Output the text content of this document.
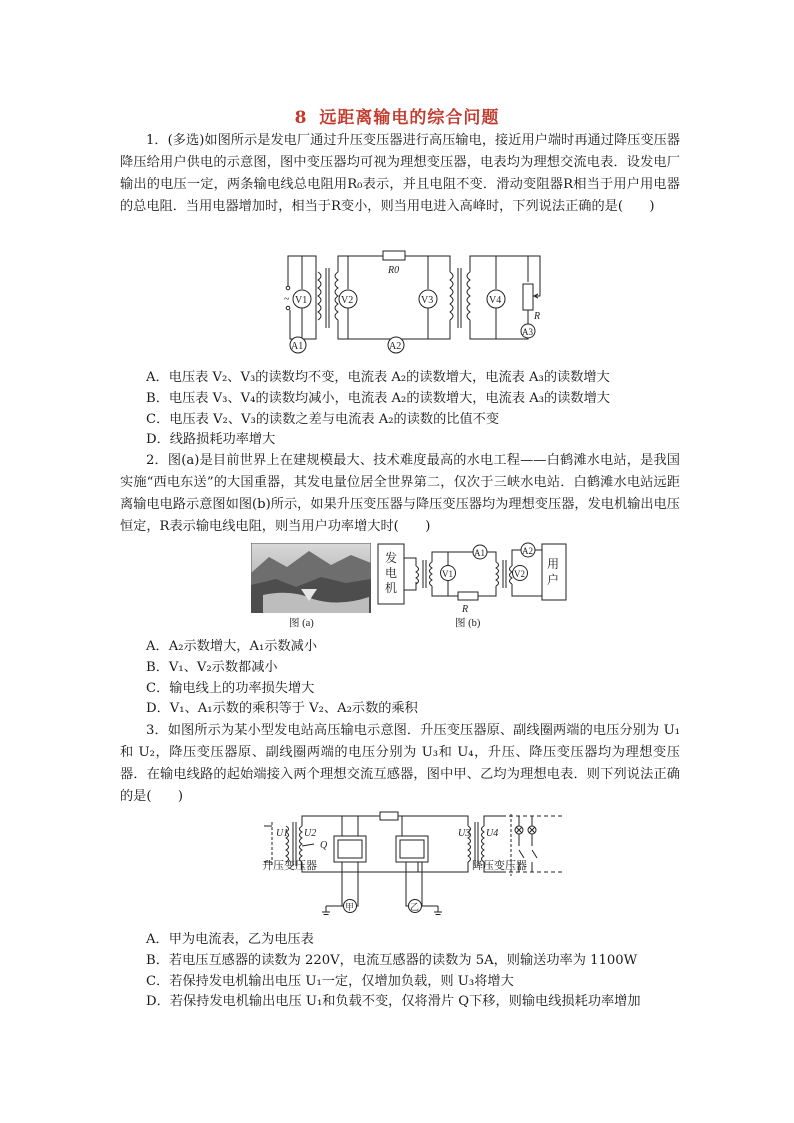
8 远距离输电的综合问题

1．(多选)如图所示是发电厂通过升压变压器进行高压输电，接近用户端时再通过降压变压器降压给用户供电的示意图，图中变压器均可视为理想变压器，电表均为理想交流电表．设发电厂输出的电压一定，两条输电线总电阻用R₀表示，并且电阻不变．滑动变阻器R相当于用户用电器的总电阻．当用电器增加时，相当于R变小，则当用电进入高峰时，下列说法正确的是(　　)

~ V1
A1
R0
V2	V3
A2
V4
R
A3
A．电压表 V₂、V₃的读数均不变，电流表 A₂的读数增大，电流表 A₃的读数增大
B．电压表 V₃、V₄的读数均减小，电流表 A₂的读数增大，电流表 A₃的读数增大
C．电压表 V₂、V₃的读数之差与电流表 A₂的读数的比值不变
D．线路损耗功率增大

2．图(a)是目前世界上在建规模最大、技术难度最高的水电工程——白鹤滩水电站，是我国实施“西电东送”的大国重器，其发电量位居全世界第二，仅次于三峡水电站．白鹤滩水电站远距离输电电路示意图如图(b)所示，如果升压变压器与降压变压器均为理想变压器，发电机输出电压恒定，R表示输电线电阻，则当用户功率增大时(　　)

图 (a)
发
电
机
V1
A1
R
A2
V2
用
户
图 (b)
A．A₂示数增大，A₁示数减小
B．V₁、V₂示数都减小
C．输电线上的功率损失增大
D．V₁、A₁示数的乘积等于 V₂、A₂示数的乘积

3．如图所示为某小型发电站高压输电示意图．升压变压器原、副线圈两端的电压分别为 U₁和 U₂，降压变压器原、副线圈两端的电压分别为 U₃和 U₄，升压、降压变压器均为理想变压器．在输电线路的起始端接入两个理想交流互感器，图中甲、乙均为理想电表．则下列说法正确的是(　　)

U1 U2
Q
U3 U4
甲	乙
升压变压器	降压变压器
A．甲为电流表，乙为电压表
B．若电压互感器的读数为 220V，电流互感器的读数为 5A，则输送功率为 1100W
C．若保持发电机输出电压 U₁一定，仅增加负载，则 U₃将增大
D．若保持发电机输出电压 U₁和负载不变，仅将滑片 Q下移，则输电线损耗功率增加
